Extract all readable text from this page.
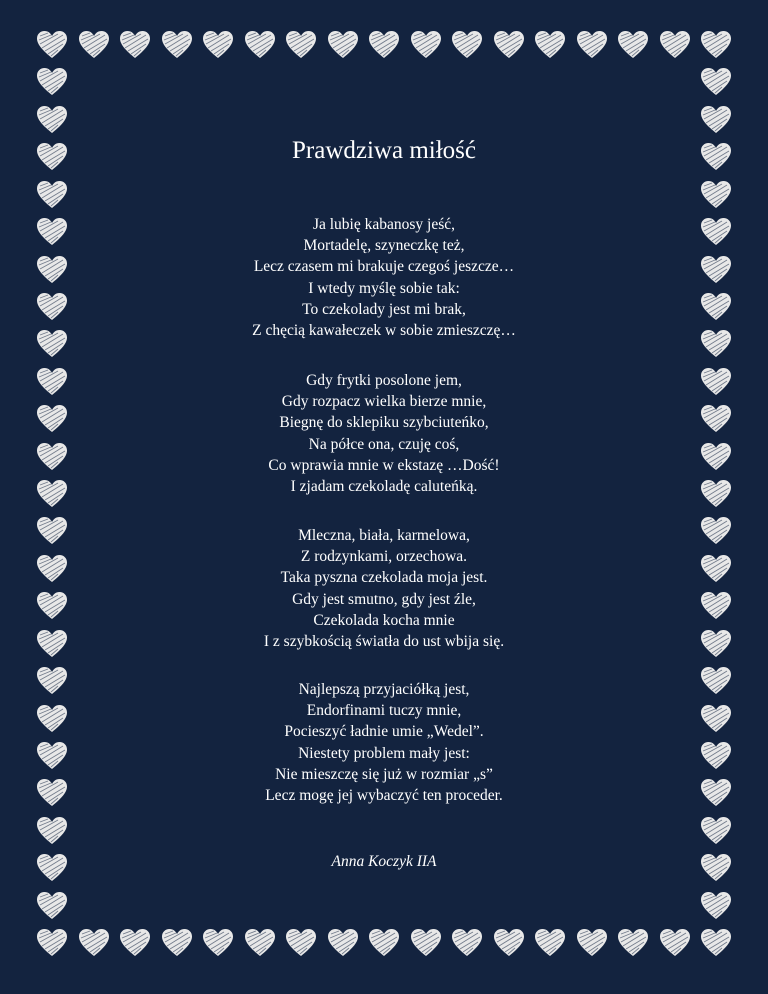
Prawdziwa miłość
Ja lubię kabanosy jeść,
Mortadelę, szyneczkę też,
Lecz czasem mi brakuje czegoś jeszcze…
I wtedy myślę sobie tak:
To czekolady jest mi brak,
Z chęcią kawałeczek w sobie zmieszczę…
Gdy frytki posolone jem,
Gdy rozpacz wielka bierze mnie,
Biegnę do sklepiku szybciuteńko,
Na półce ona, czuję coś,
Co wprawia mnie w ekstazę …Dość!
I zjadam czekoladę caluteńką.
Mleczna, biała, karmelowa,
Z rodzynkami, orzechowa.
Taka pyszna czekolada moja jest.
Gdy jest smutno, gdy jest źle,
Czekolada kocha mnie
I z szybkością światła do ust wbija się.
Najlepszą przyjaciółką jest,
Endorfinami tuczy mnie,
Pocieszyć ładnie umie „Wedel”.
Niestety problem mały jest:
Nie mieszczę się już w rozmiar „s”
Lecz mogę jej wybaczyć ten proceder.
Anna Koczyk IIA
